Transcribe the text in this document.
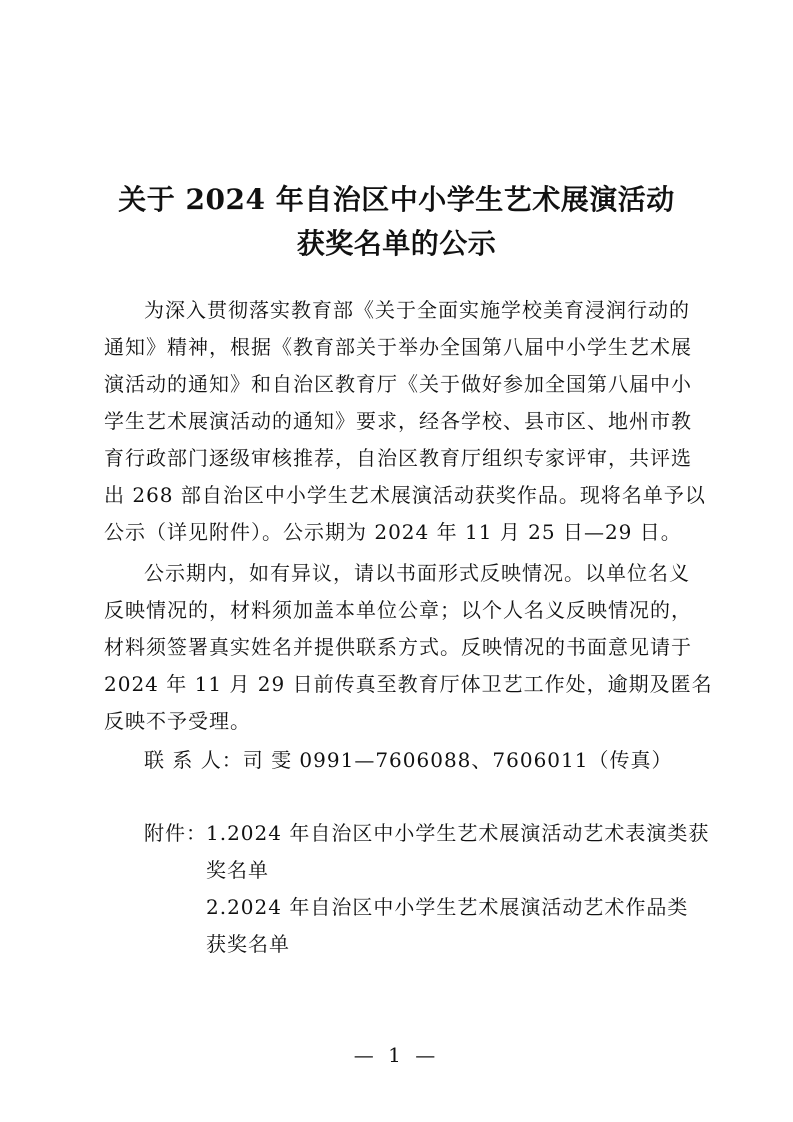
关于 2024 年自治区中小学生艺术展演活动
获奖名单的公示
为深入贯彻落实教育部《关于全面实施学校美育浸润行动的
通知》精神，根据《教育部关于举办全国第八届中小学生艺术展
演活动的通知》和自治区教育厅《关于做好参加全国第八届中小
学生艺术展演活动的通知》要求，经各学校、县市区、地州市教
育行政部门逐级审核推荐，自治区教育厅组织专家评审，共评选
出 268 部自治区中小学生艺术展演活动获奖作品。现将名单予以
公示（详见附件）。公示期为 2024 年 11 月 25 日—29 日。
公示期内，如有异议，请以书面形式反映情况。以单位名义
反映情况的，材料须加盖本单位公章；以个人名义反映情况的，
材料须签署真实姓名并提供联系方式。反映情况的书面意见请于
2024 年 11 月 29 日前传真至教育厅体卫艺工作处，逾期及匿名
反映不予受理。
联 系 人：司 雯 0991—7606088、7606011（传真）
附件： 1.2024 年自治区中小学生艺术展演活动艺术表演类获
奖名单
2.2024 年自治区中小学生艺术展演活动艺术作品类
获奖名单
— 1 —
